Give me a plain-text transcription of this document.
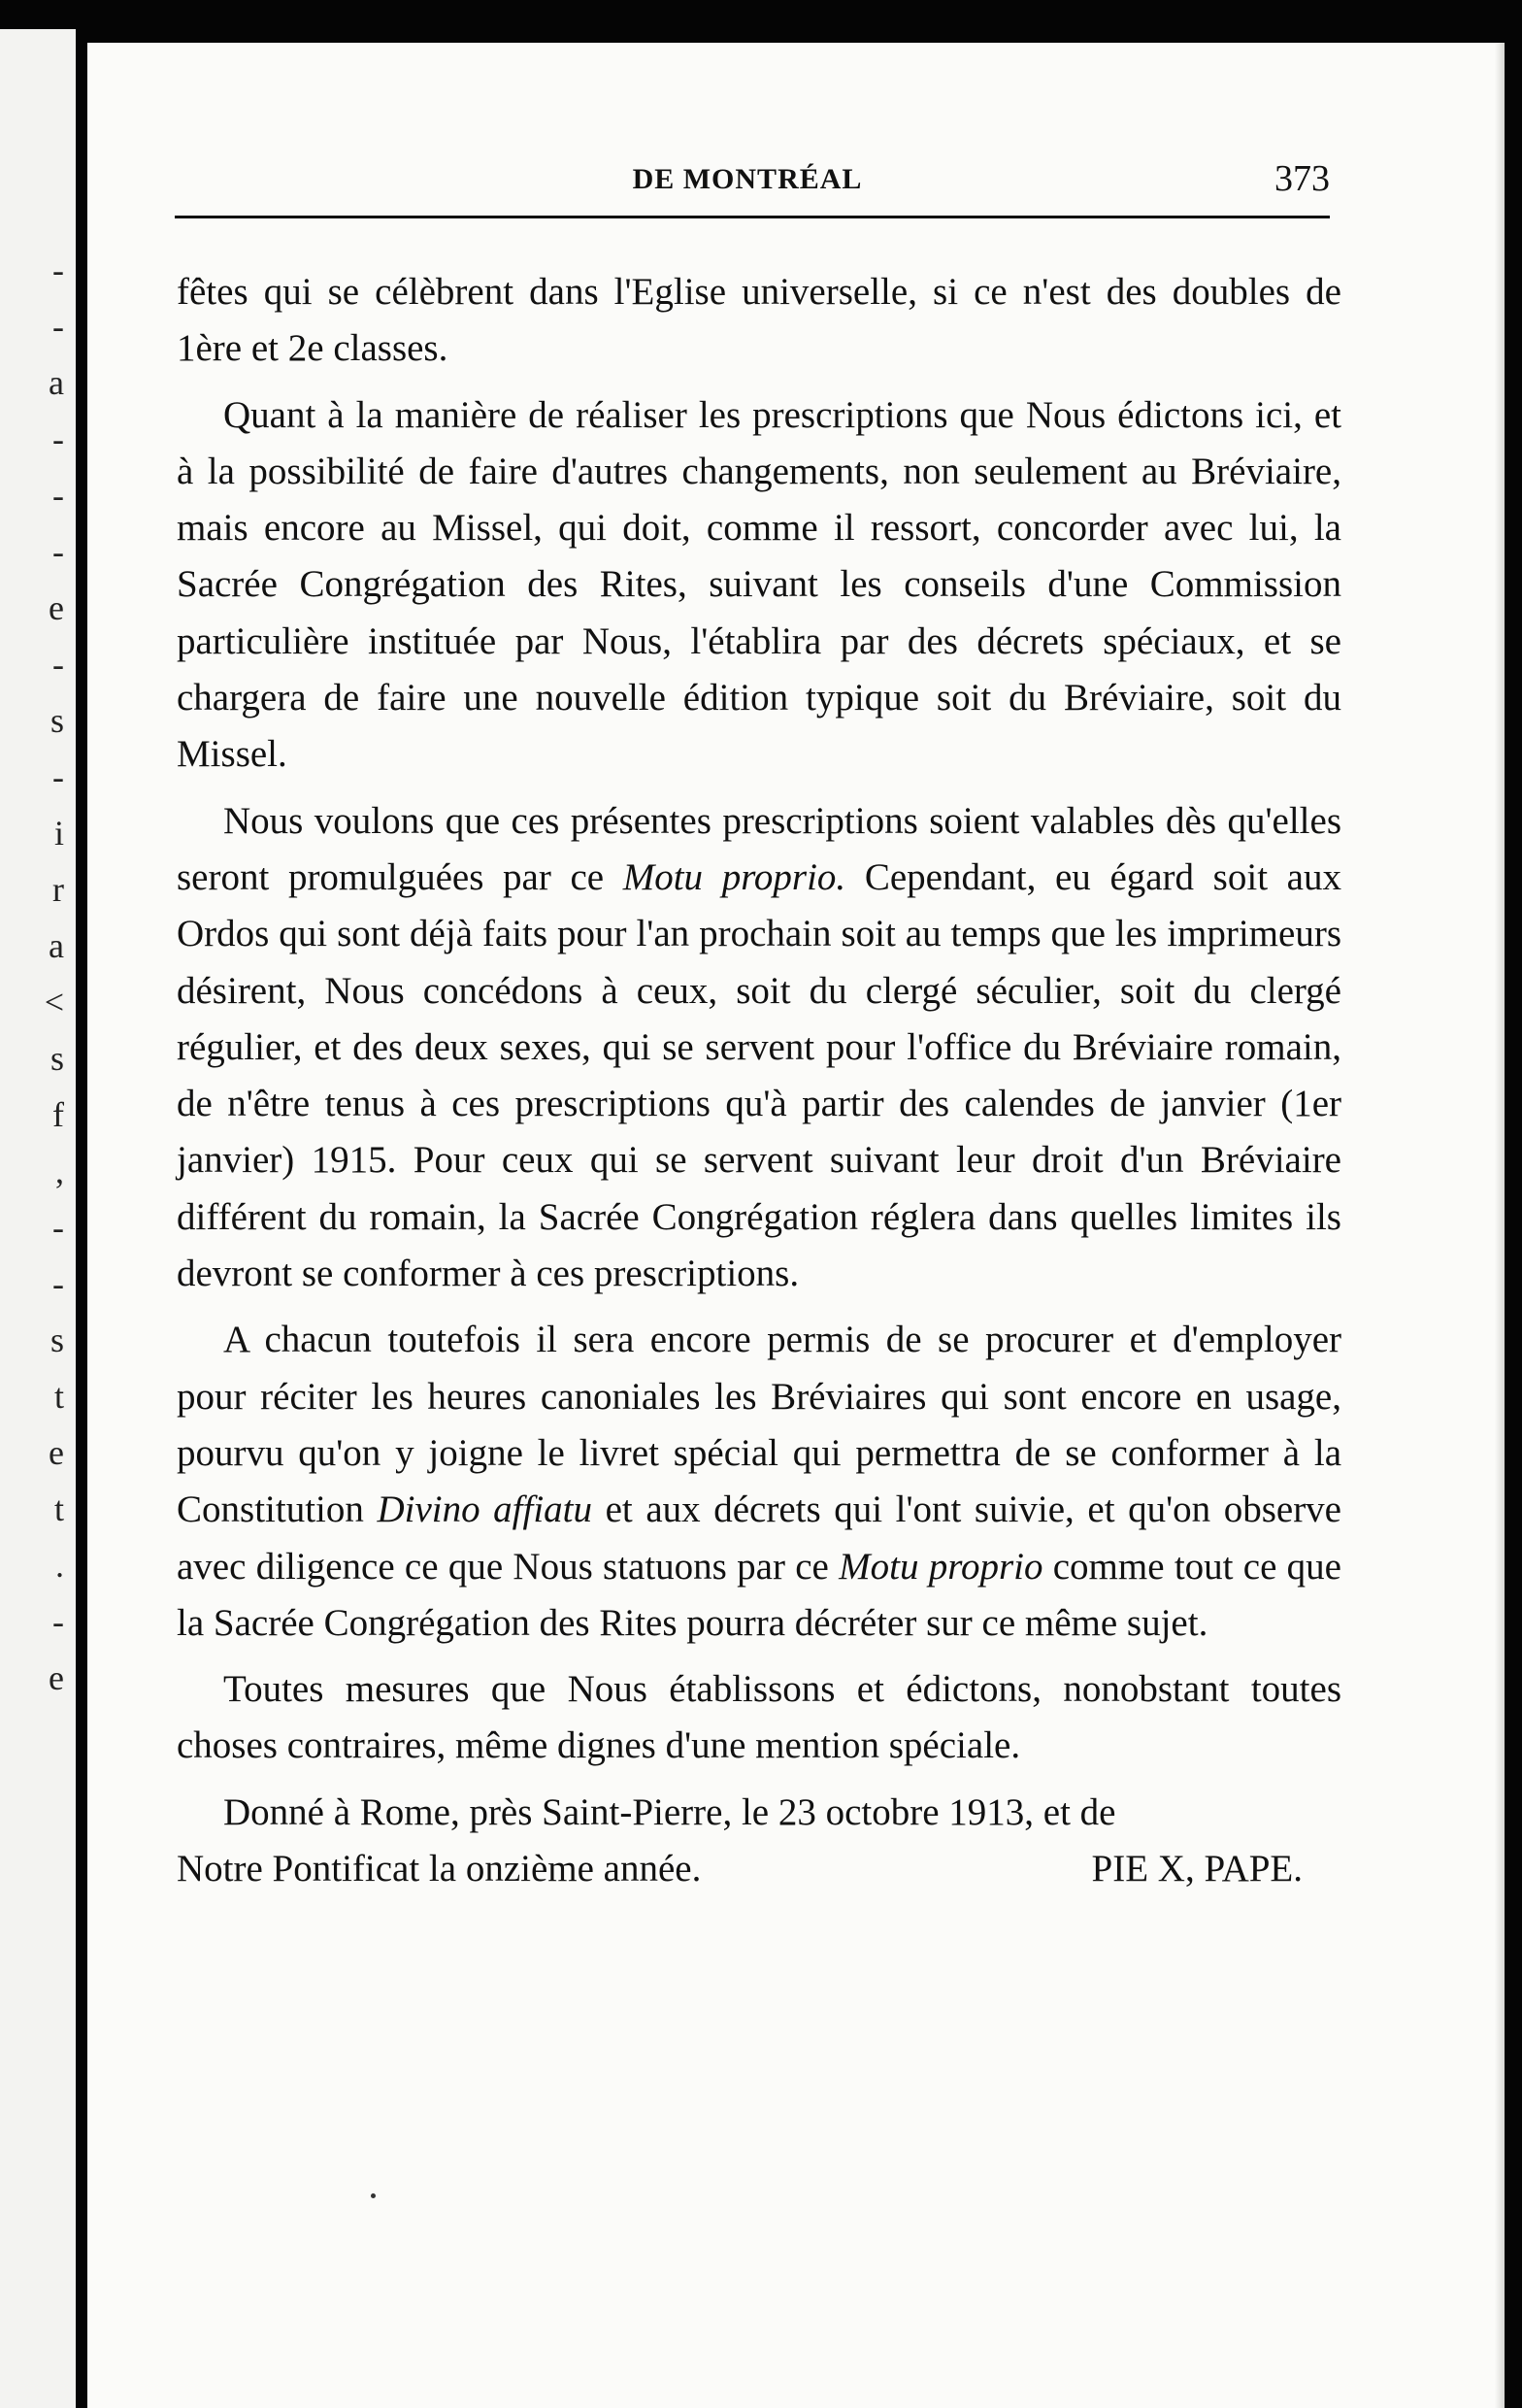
-
-
a
-
-
-
e
-
s
-
i
r
a
<
s
f
,
-
-
s
t
e
t
.
-
e
DE MONTRÉAL	373

fêtes qui se célèbrent dans l'Eglise universelle, si ce n'est des doubles de 1ère et 2e classes.

Quant à la manière de réaliser les prescriptions que Nous édictons ici, et à la possibilité de faire d'autres changements, non seulement au Bréviaire, mais encore au Missel, qui doit, comme il ressort, concorder avec lui, la Sacrée Congrégation des Rites, suivant les conseils d'une Commission particulière instituée par Nous, l'établira par des décrets spéciaux, et se chargera de faire une nouvelle édition typique soit du Bréviaire, soit du Missel.

Nous voulons que ces présentes prescriptions soient valables dès qu'elles seront promulguées par ce Motu proprio. Cependant, eu égard soit aux Ordos qui sont déjà faits pour l'an prochain soit au temps que les imprimeurs désirent, Nous concédons à ceux, soit du clergé séculier, soit du clergé régulier, et des deux sexes, qui se servent pour l'office du Bréviaire romain, de n'être tenus à ces prescriptions qu'à partir des calendes de janvier (1er janvier) 1915. Pour ceux qui se servent suivant leur droit d'un Bréviaire différent du romain, la Sacrée Congrégation réglera dans quelles limites ils devront se conformer à ces prescriptions.

A chacun toutefois il sera encore permis de se procurer et d'employer pour réciter les heures canoniales les Bréviaires qui sont encore en usage, pourvu qu'on y joigne le livret spécial qui permettra de se conformer à la Constitution Divino affiatu et aux décrets qui l'ont suivie, et qu'on observe avec diligence ce que Nous statuons par ce Motu proprio comme tout ce que la Sacrée Congrégation des Rites pourra décréter sur ce même sujet.

Toutes mesures que Nous établissons et édictons, nonobstant toutes choses contraires, même dignes d'une mention spéciale.

Donné à Rome, près Saint-Pierre, le 23 octobre 1913, et de

Notre Pontificat la onzième année.	PIE X, PAPE.
